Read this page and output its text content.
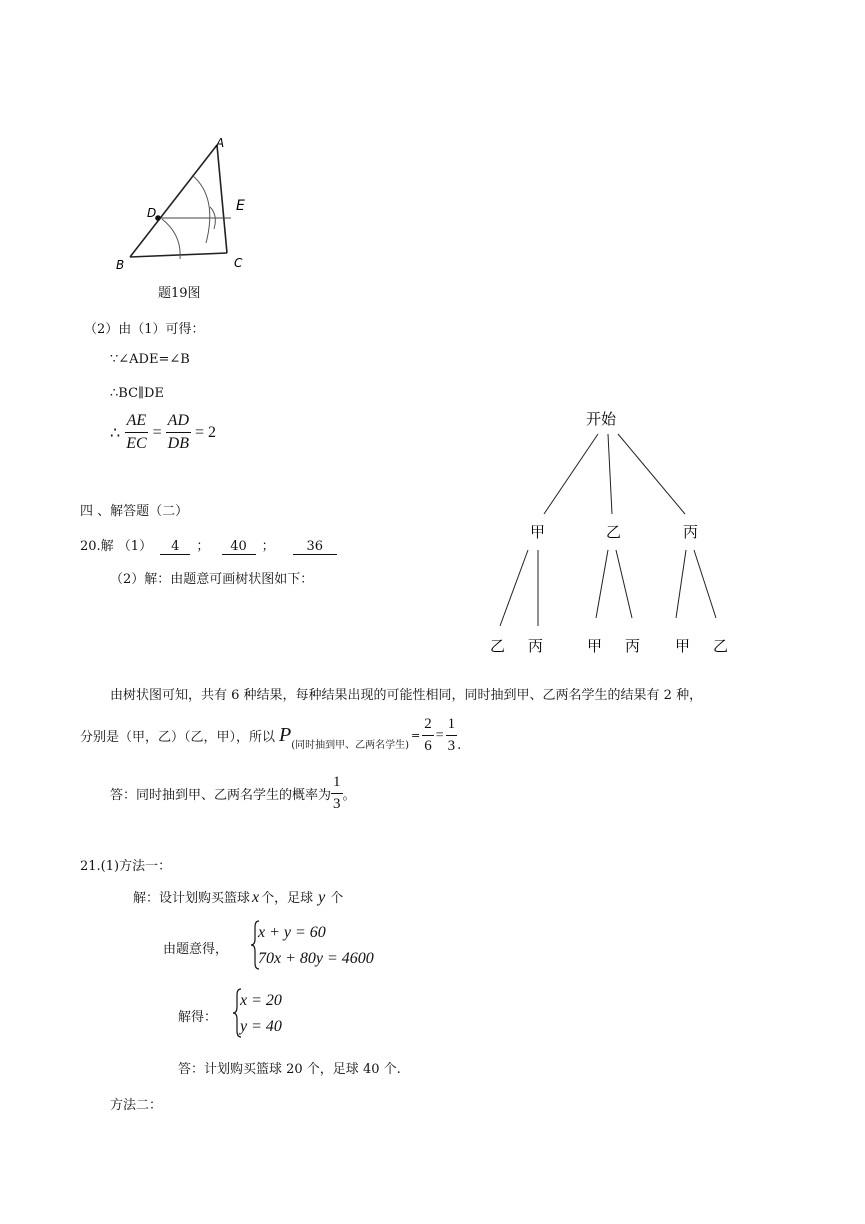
A
D	E
B	C
题19图
（2）由（1）可得：
∵∠ADE=∠B
∴BC∥DE
∴ $\frac{AE}{EC} = \frac{AD}{DB} = 2$
四 、解答题（二）
20.解 （1） 4 ； 40 ； 36
（2）解：由题意可画树状图如下：
开始
甲	乙	丙
乙 丙	甲 丙 甲 乙
由树状图可知，共有 6 种结果，每种结果出现的可能性相同，同时抽到甲、乙两名学生的结果有 2 种，
分别是（甲，乙）（乙，甲），所以 P (同时抽到甲、乙两名学生)
= $\frac{2}{6} = \frac{1}{3}$ .
答：同时抽到甲、乙两名学生的概率为 $\frac{1}{3}$ 。
21.(1)方法一：
解：设计划购买篮球 x 个，足球 y 个
由题意得，
x + y = 60
70x + 80y = 4600
解得：
x = 20
y = 40
答：计划购买篮球 20 个，足球 40 个.
方法二：
